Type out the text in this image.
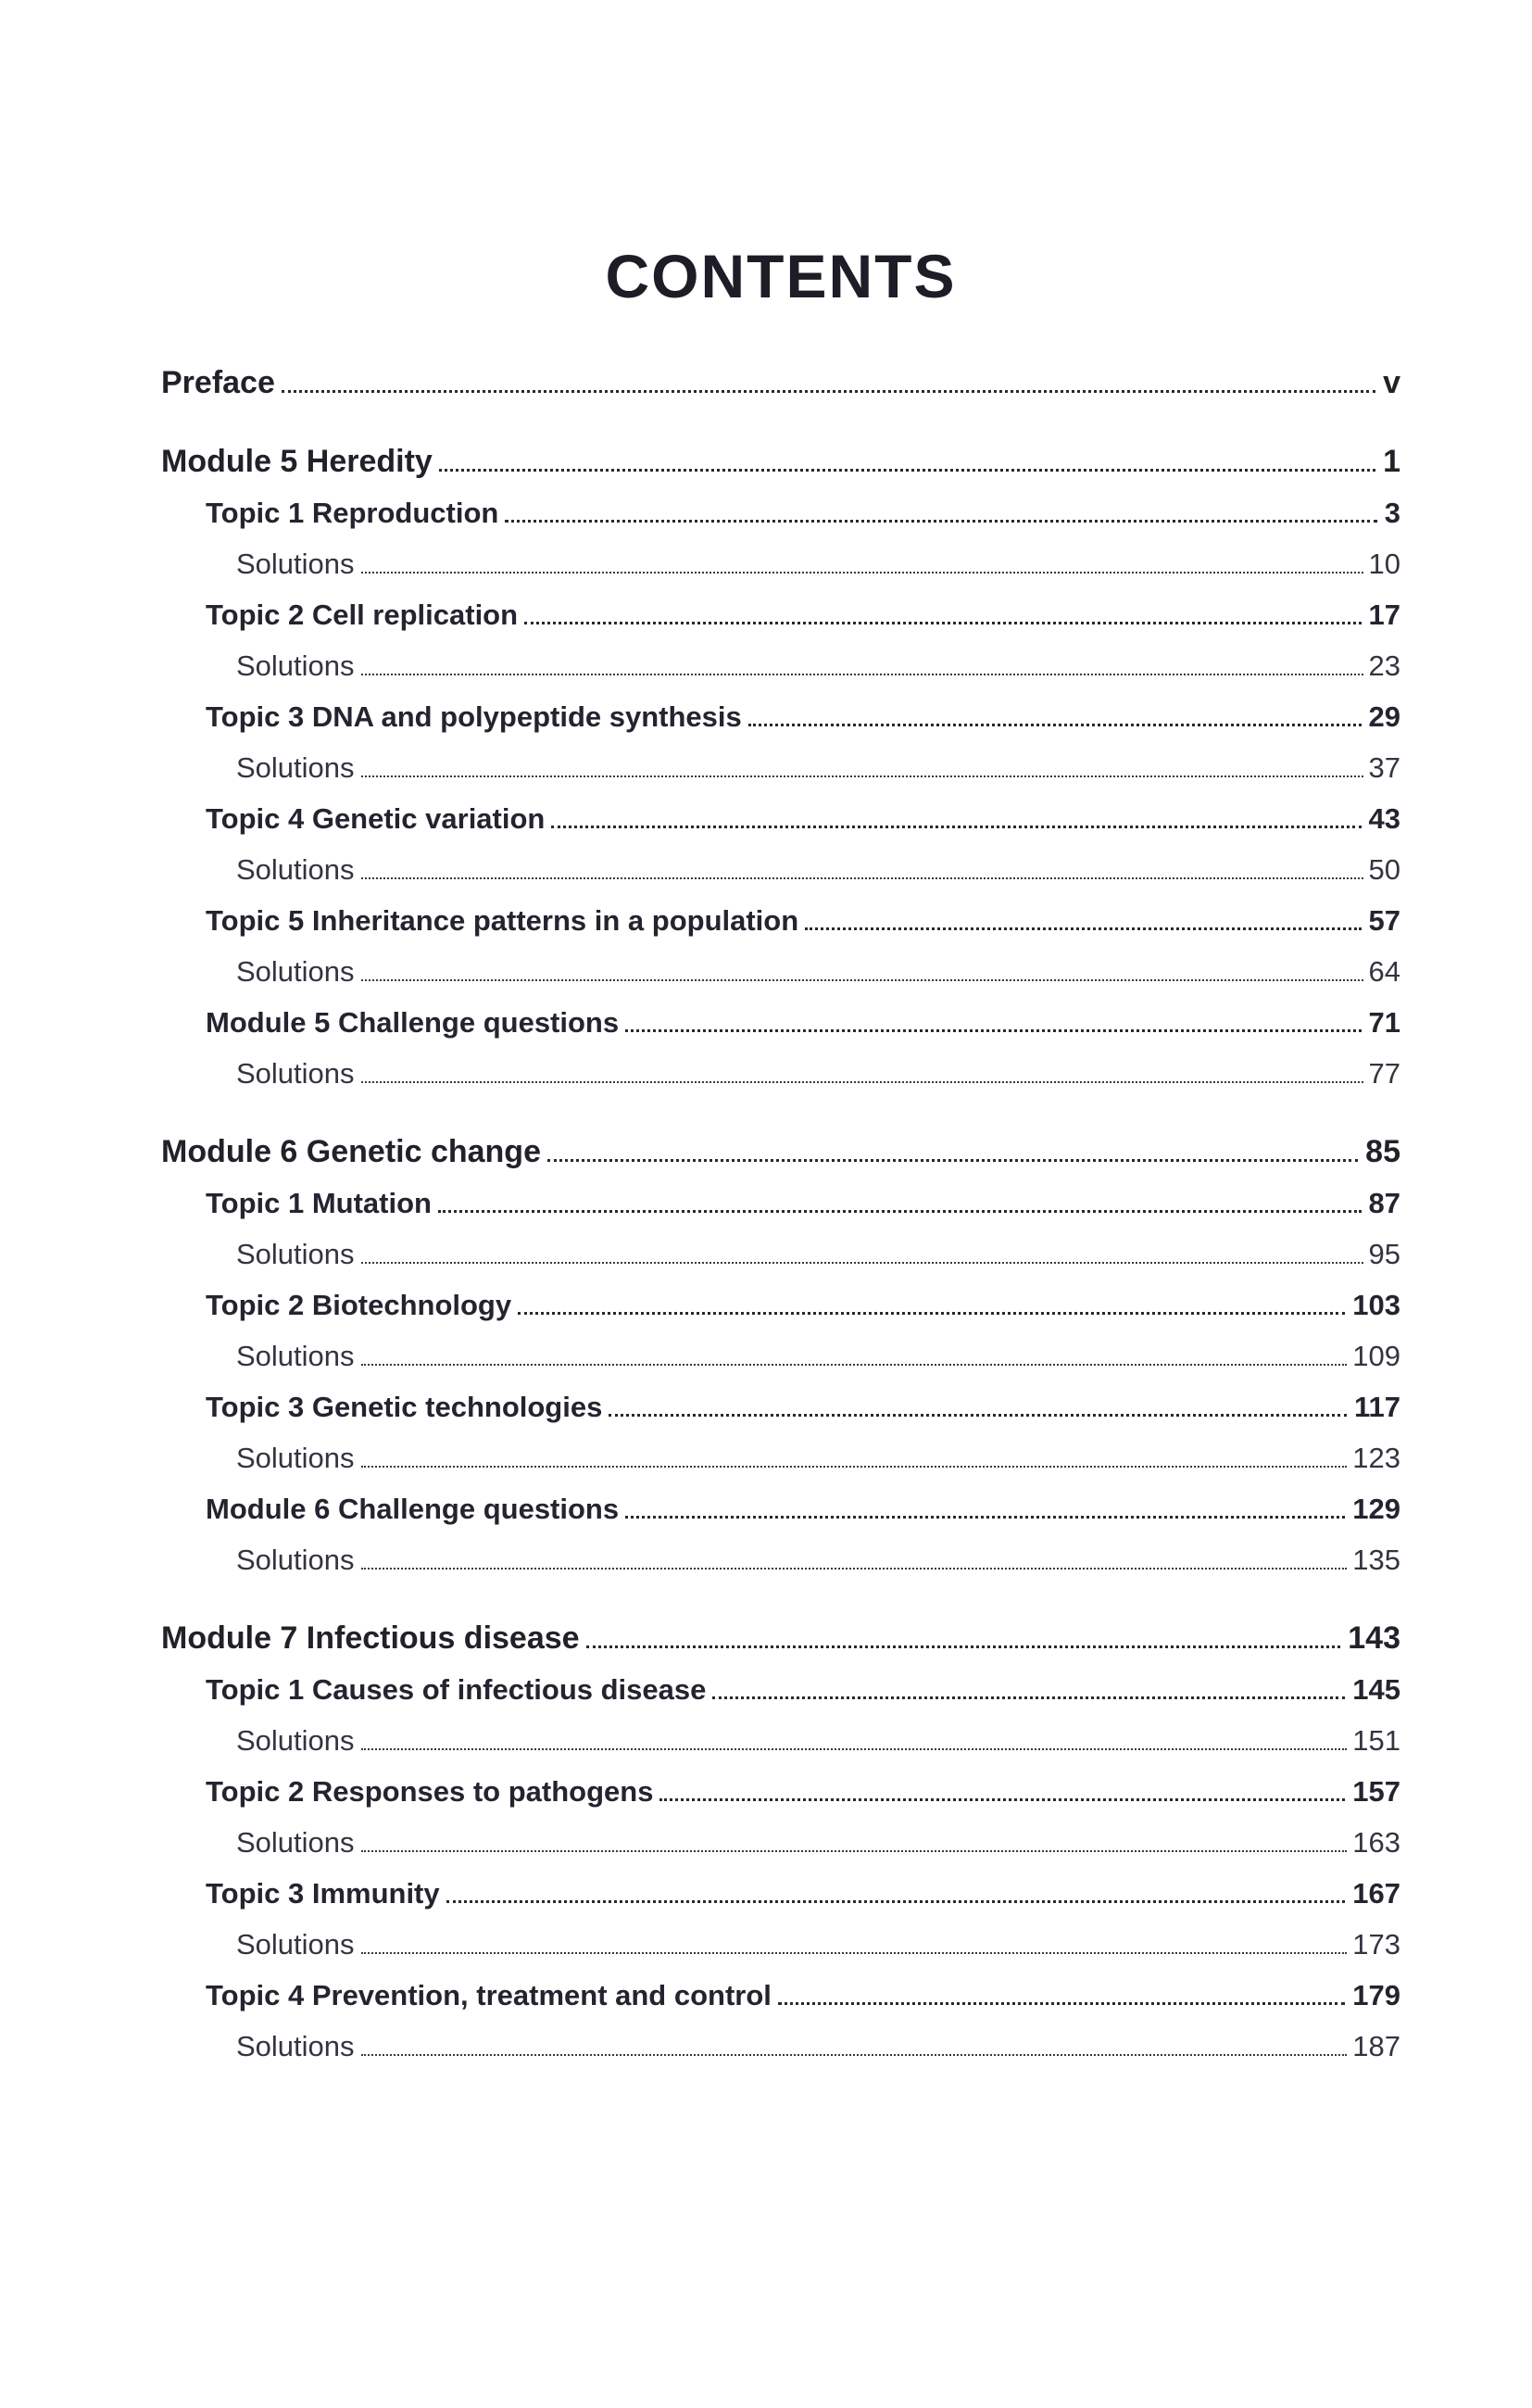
CONTENTS
Preface	v
Module 5 Heredity	1
Topic 1 Reproduction	3
Solutions	10
Topic 2 Cell replication	17
Solutions	23
Topic 3 DNA and polypeptide synthesis	29
Solutions	37
Topic 4 Genetic variation	43
Solutions	50
Topic 5 Inheritance patterns in a population	57
Solutions	64
Module 5 Challenge questions	71
Solutions	77
Module 6 Genetic change	85
Topic 1 Mutation	87
Solutions	95
Topic 2 Biotechnology	103
Solutions	109
Topic 3 Genetic technologies	117
Solutions	123
Module 6 Challenge questions	129
Solutions	135
Module 7 Infectious disease	143
Topic 1 Causes of infectious disease	145
Solutions	151
Topic 2 Responses to pathogens	157
Solutions	163
Topic 3 Immunity	167
Solutions	173
Topic 4 Prevention, treatment and control	179
Solutions	187
